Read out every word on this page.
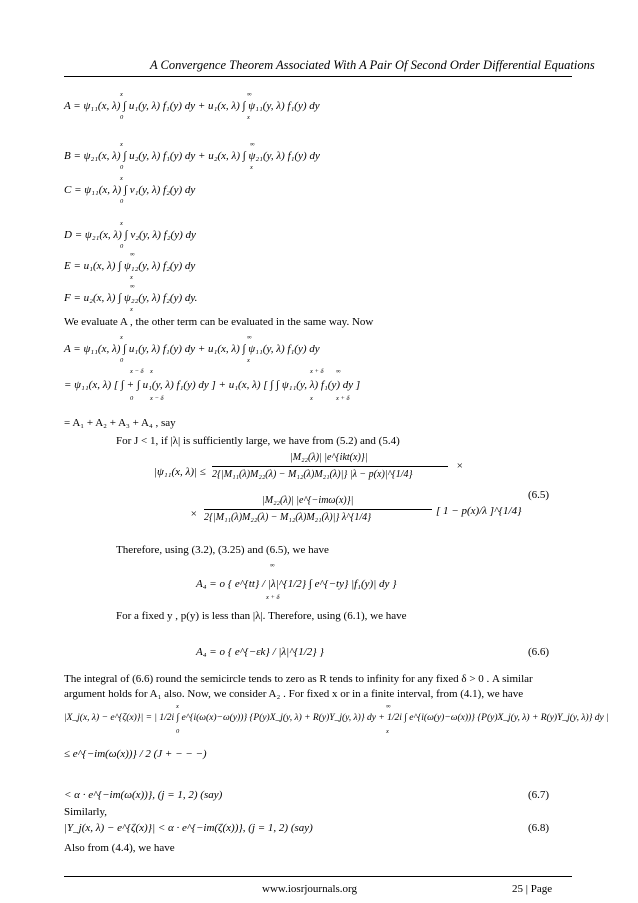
A Convergence Theorem Associated With A Pair Of Second Order Differential Equations
x
0
∞
x
A = ψ₁₁(x, λ) ∫ u₁(y, λ) f₁(y) dy + u₁(x, λ) ∫ ψ₁₁(y, λ) f₁(y) dy
x
0
∞
x
B = ψ₂₁(x, λ) ∫ u₂(y, λ) f₁(y) dy + u₂(x, λ) ∫ ψ₂₁(y, λ) f₁(y) dy
x
0
C = ψ₁₁(x, λ) ∫ v₁(y, λ) f₂(y) dy
x
0
D = ψ₂₁(x, λ) ∫ v₂(y, λ) f₂(y) dy
∞
x
E = u₁(x, λ) ∫ ψ₁₂(y, λ) f₂(y) dy
∞
x
F = u₂(x, λ) ∫ ψ₂₂(y, λ) f₂(y) dy.
We evaluate A , the other term can be evaluated in the same way. Now
x
0
∞
x
A = ψ₁₁(x, λ) ∫ u₁(y, λ) f₁(y) dy + u₁(x, λ) ∫ ψ₁₁(y, λ) f₁(y) dy
x − δ
0
x
x − δ
x + δ
x
∞
x + δ
= ψ₁₁(x, λ) [ ∫ + ∫ u₁(y, λ) f₁(y) dy ] + u₁(x, λ) [ ∫ ∫ ψ₁₁(y, λ) f₁(y) dy ]
= A₁ + A₂ + A₃ + A₄ , say
For J < 1, if |λ| is sufficiently large, we have from (5.2) and (5.4)
|ψ₁₁(x, λ)| ≤
|M₂₂(λ)| |e^{ikt(x)}|
2{|M₁₁(λ)M₂₂(λ) − M₁₂(λ)M₂₁(λ)|} |λ − p(x)|^{1/4}
×
×
|M₂₂(λ)| |e^{−imω(x)}|
2{|M₁₁(λ)M₂₂(λ) − M₁₂(λ)M₂₁(λ)|} λ^{1/4}
[ 1 − p(x)/λ ]^{1/4}
(6.5)
Therefore, using (3.2), (3.25) and (6.5), we have
∞
x + δ
A₄ = o { e^{tt} / |λ|^{1/2} ∫ e^{−ty} |f₁(y)| dy }
For a fixed y , p(y) is less than |λ|. Therefore, using (6.1), we have
A₄ = o { e^{−εk} / |λ|^{1/2} }	(6.6)
The integral of (6.6) round the semicircle tends to zero as R tends to infinity for any fixed δ > 0 . A similar
argument holds for A₁ also. Now, we consider A₂ . For fixed x or in a finite interval, from (4.1), we have
x
0
∞
x
|X_j(x, λ) − e^{ζ(x)}| = | 1/2i ∫ e^{i(ω(x)−ω(y))} {P(y)X_j(y, λ) + R(y)Y_j(y, λ)} dy + 1/2i ∫ e^{i(ω(y)−ω(x))} {P(y)X_j(y, λ) + R(y)Y_j(y, λ)} dy |
≤ e^{−im(ω(x))} / 2 (J + − − −)
< α · e^{−im(ω(x))}, (j = 1, 2) (say)	(6.7)
Similarly,
|Y_j(x, λ) − e^{ζ(x)}| < α · e^{−im(ζ(x))}, (j = 1, 2) (say)	(6.8)
Also from (4.4), we have
www.iosrjournals.org	25 | Page
